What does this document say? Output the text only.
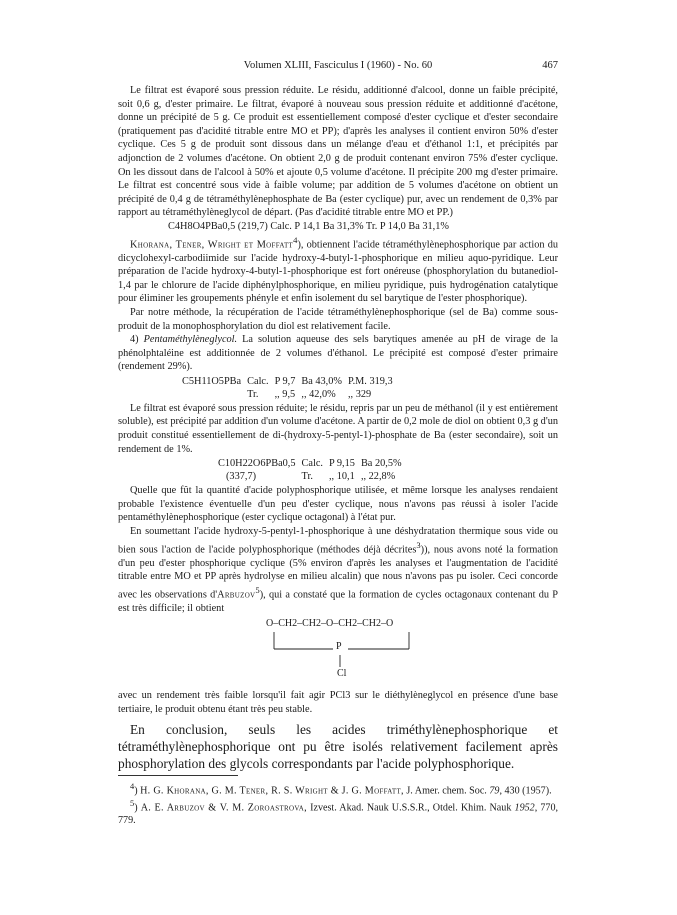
Volumen XLIII, Fasciculus I (1960) - No. 60	467

Le filtrat est évaporé sous pression réduite. Le résidu, additionné d'alcool, donne un faible précipité, soit 0,6 g, d'ester primaire. Le filtrat, évaporé à nouveau sous pression réduite et additionné d'acétone, donne un précipité de 5 g. Ce produit est essentiellement composé d'ester cyclique et d'ester secondaire (pratiquement pas d'acidité titrable entre MO et PP); d'après les analyses il contient environ 50% d'ester cyclique. Ces 5 g de produit sont dissous dans un mélange d'eau et d'éthanol 1:1, et précipités par adjonction de 2 volumes d'acétone. On obtient 2,0 g de produit contenant environ 75% d'ester cyclique. On les dissout dans de l'alcool à 50% et ajoute 0,5 volume d'acétone. Il précipite 200 mg d'ester primaire. Le filtrat est concentré sous vide à faible volume; par addition de 5 volumes d'acétone on obtient un précipité de 0,4 g de tétraméthylènephosphate de Ba (ester cyclique) pur, avec un rendement de 0,3% par rapport au tétraméthylèneglycol de départ. (Pas d'acidité titrable entre MO et PP.)

C4H8O4PBa0,5 (219,7) Calc. P 14,1 Ba 31,3% Tr. P 14,0 Ba 31,1%

Khorana, Tener, Wright et Moffatt$^4$), obtiennent l'acide tétraméthylènephosphorique par action du dicyclohexyl-carbodiimide sur l'acide hydroxy-4-butyl-1-phosphorique en milieu aquo-pyridique. Leur préparation de l'acide hydroxy-4-butyl-1-phosphorique est fort onéreuse (phosphorylation du butanediol-1,4 par le chlorure de l'acide diphénylphosphorique, en milieu pyridique, puis hydrogénation catalytique pour éliminer les groupements phényle et enfin isolement du sel barytique de l'ester phosphorique).

Par notre méthode, la récupération de l'acide tétraméthylènephosphorique (sel de Ba) comme sous-produit de la monophosphorylation du diol est relativement facile.

4) Pentaméthylèneglycol. La solution aqueuse des sels barytiques amenée au pH de virage de la phénolphtaléine est additionnée de 2 volumes d'éthanol. Le précipité est composé d'ester primaire (rendement 29%).

C5H11O5PBa	Calc.	P 9,7	Ba 43,0%	P.M. 319,3
	Tr.	,, 9,5	,, 42,0%	,, 329

Le filtrat est évaporé sous pression réduite; le résidu, repris par un peu de méthanol (il y est entièrement soluble), est précipité par addition d'un volume d'acétone. A partir de 0,2 mole de diol on obtient 0,3 g d'un produit constitué essentiellement de di-(hydroxy-5-pentyl-1)-phosphate de Ba (ester secondaire), soit un rendement de 1%.

C10H22O6PBa0,5	Calc.	P 9,15	Ba 20,5%
(337,7)	Tr.	,, 10,1	,, 22,8%

Quelle que fût la quantité d'acide polyphosphorique utilisée, et même lorsque les analyses rendaient probable l'existence éventuelle d'un peu d'ester cyclique, nous n'avons pas réussi à isoler l'acide pentaméthylènephosphorique (ester cyclique octagonal) à l'état pur.

En soumettant l'acide hydroxy-5-pentyl-1-phosphorique à une déshydratation thermique sous vide ou bien sous l'action de l'acide polyphosphorique (méthodes déjà décrites$^3$)), nous avons noté la formation d'un peu d'ester phosphorique cyclique (5% environ d'après les analyses et l'augmentation de l'acidité titrable entre MO et PP après hydrolyse en milieu alcalin) que nous n'avons pas pu isoler. Ceci concorde avec les observations d'Arbuzov$^5$), qui a constaté que la formation de cycles octagonaux contenant du P est très difficile; il obtient

O–CH2–CH2–O–CH2–CH2–O
P
Cl

avec un rendement très faible lorsqu'il fait agir PCl3 sur le diéthylèneglycol en présence d'une base tertiaire, le produit obtenu étant très peu stable.

En conclusion, seuls les acides triméthylènephosphorique et tétraméthylènephosphorique ont pu être isolés relativement facilement après phosphorylation des glycols correspondants par l'acide polyphosphorique.

$^4$) H. G. Khorana, G. M. Tener, R. S. Wright & J. G. Moffatt, J. Amer. chem. Soc. 79, 430 (1957).

$^5$) A. E. Arbuzov & V. M. Zoroastrova, Izvest. Akad. Nauk U.S.S.R., Otdel. Khim. Nauk 1952, 770, 779.
